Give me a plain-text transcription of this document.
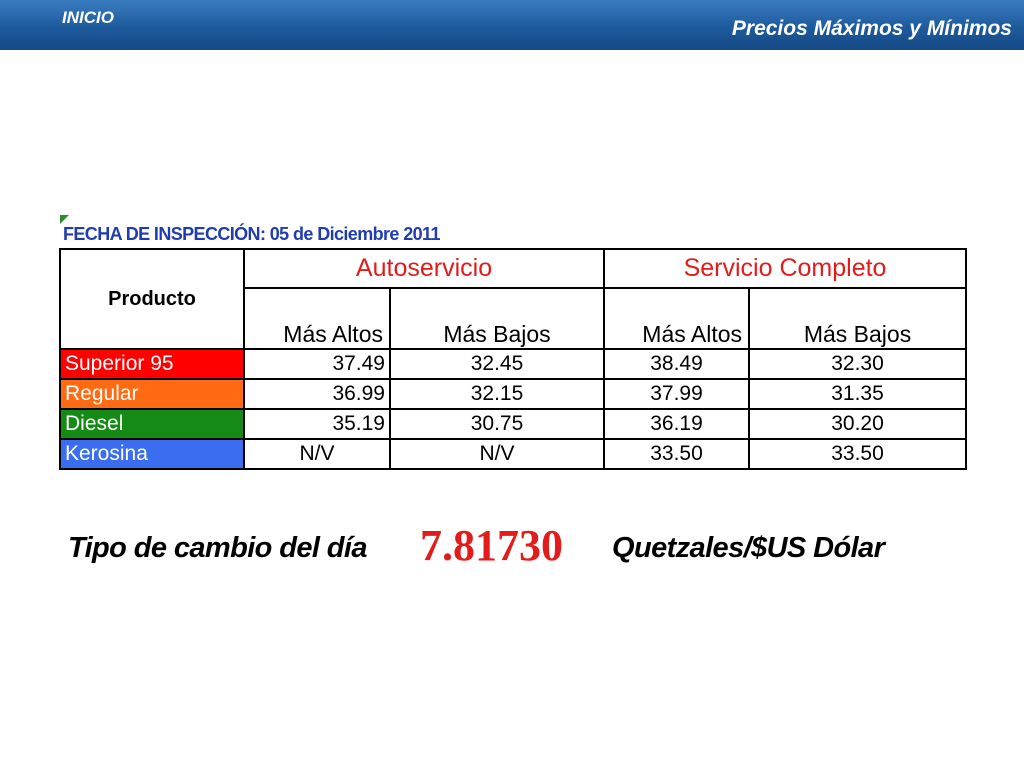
INICIO	Precios Máximos y Mínimos
FECHA DE INSPECCIÓN: 05 de Diciembre 2011
Producto	Autoservicio		Servicio Completo	
	Más Altos	Más Bajos	Más Altos	Más Bajos
Superior 95	37.49	32.45	38.49	32.30
Regular	36.99	32.15	37.99	31.35
Diesel	35.19	30.75	36.19	30.20
Kerosina	N/V	N/V	33.50	33.50
Tipo de cambio del día 7.81730 Quetzales/$US Dólar
